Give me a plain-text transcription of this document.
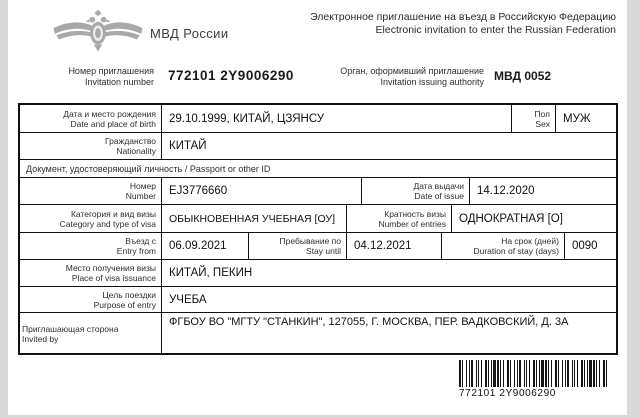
МВД России
Электронное приглашение на въезд в Российскую Федерацию
Electronic invitation to enter the Russian Federation
Номер приглашения
Invitation number 772101 2Y9006290	Орган, оформивший приглашение
Invitation issuing authority МВД 0052
Дата и место рождения
Date and place of birth	29.10.1999, КИТАЙ, ЦЗЯНСУ	Пол
Sex	МУЖ
Гражданство
Nationality	КИТАЙ
Документ, удостоверяющий личность / Passport or other ID
Номер
Number	EJ3776660	Дата выдачи
Date of issue	14.12.2020
Категория и вид визы
Category and type of visa	ОБЫКНОВЕННАЯ УЧЕБНАЯ [ОУ]	Кратность визы
Number of entries	ОДНОКРАТНАЯ [О]
Въезд с
Entry from	06.09.2021	Пребывание по
Stay until	04.12.2021	На срок (дней)
Duration of stay (days)	0090
Место получения визы
Place of visa issuance	КИТАЙ, ПЕКИН
Цель поездки
Purpose of entry	УЧЕБА
Приглашающая сторона
Invited by
ФГБОУ ВО "МГТУ "СТАНКИН", 127055, Г. МОСКВА, ПЕР. ВАДКОВСКИЙ, Д. 3А
772101 2Y9006290
